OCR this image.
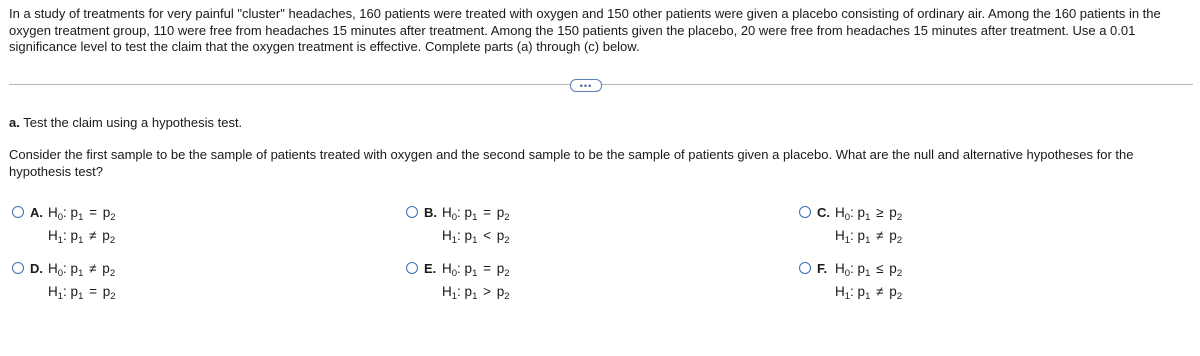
In a study of treatments for very painful "cluster" headaches, 160 patients were treated with oxygen and 150 other patients were given a placebo consisting of ordinary air. Among the 160 patients in the oxygen treatment group, 110 were free from headaches 15 minutes after treatment. Among the 150 patients given the placebo, 20 were free from headaches 15 minutes after treatment. Use a 0.01 significance level to test the claim that the oxygen treatment is effective. Complete parts (a) through (c) below.
•••
a. Test the claim using a hypothesis test.
Consider the first sample to be the sample of patients treated with oxygen and the second sample to be the sample of patients given a placebo. What are the null and alternative hypotheses for the hypothesis test?
A. $H_0$: $p_1 = p_2$
$H_1$: $p_1 \ne p_2$
B. $H_0$: $p_1 = p_2$
$H_1$: $p_1 < p_2$
C. $H_0$: $p_1 \ge p_2$
$H_1$: $p_1 \ne p_2$
D. $H_0$: $p_1 \ne p_2$
$H_1$: $p_1 = p_2$
E. $H_0$: $p_1 = p_2$
$H_1$: $p_1 > p_2$
F. $H_0$: $p_1 \le p_2$
$H_1$: $p_1 \ne p_2$
